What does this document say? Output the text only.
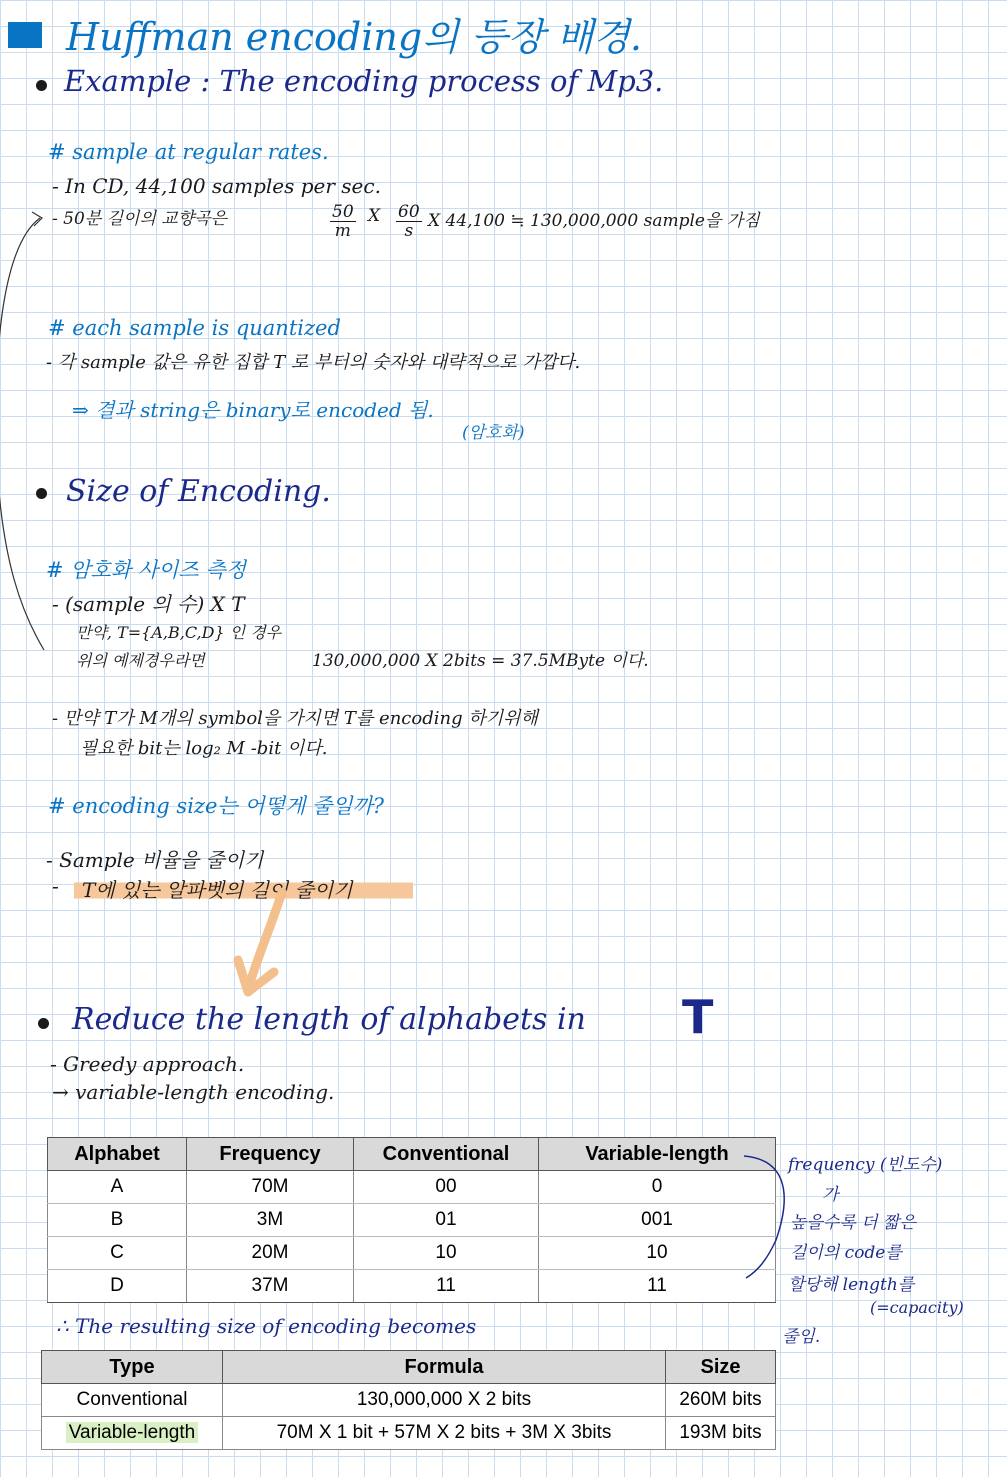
Huffman encoding의 등장 배경.
Example : The encoding process of Mp3.
# sample at regular rates.
- In CD, 44,100 samples per sec.
- 50분 길이의 교향곡은	$\frac{50}{m}$ X $\frac{60}{s}$ X 44,100 ≒ 130,000,000 sample을 가짐
# each sample is quantized
- 각 sample 값은 유한 집합 T 로 부터의 숫자와 대략적으로 가깝다.
⇒ 결과 string은 binary로 encoded 됨.
(암호화)
Size of Encoding.
# 암호화 사이즈 측정
- (sample 의 수) X T
만약, T={A,B,C,D} 인 경우
위의 예제경우라면	130,000,000 X 2bits = 37.5MByte 이다.
- 만약 T가 M개의 symbol을 가지면 T를 encoding 하기위해
필요한 bit는 log₂ M -bit 이다.
# encoding size는 어떻게 줄일까?
- Sample 비율을 줄이기
-	T에 있는 알파벳의 길이 줄이기
Reduce the length of alphabets in T
- Greedy approach.
→ variable-length encoding.
Alphabet	Frequency	Conventional	Variable-length
A	70M	00	0
B	3M	01	001
C	20M	10	10
D	37M	11	11
frequency (빈도수)
가
높을수록 더 짧은
길이의 code를
할당해 length를
(=capacity)
줄임.
∴ The resulting size of encoding becomes
Type	Formula	Size
Conventional	130,000,000 X 2 bits	260M bits
Variable-length	70M X 1 bit + 57M X 2 bits + 3M X 3bits	193M bits
